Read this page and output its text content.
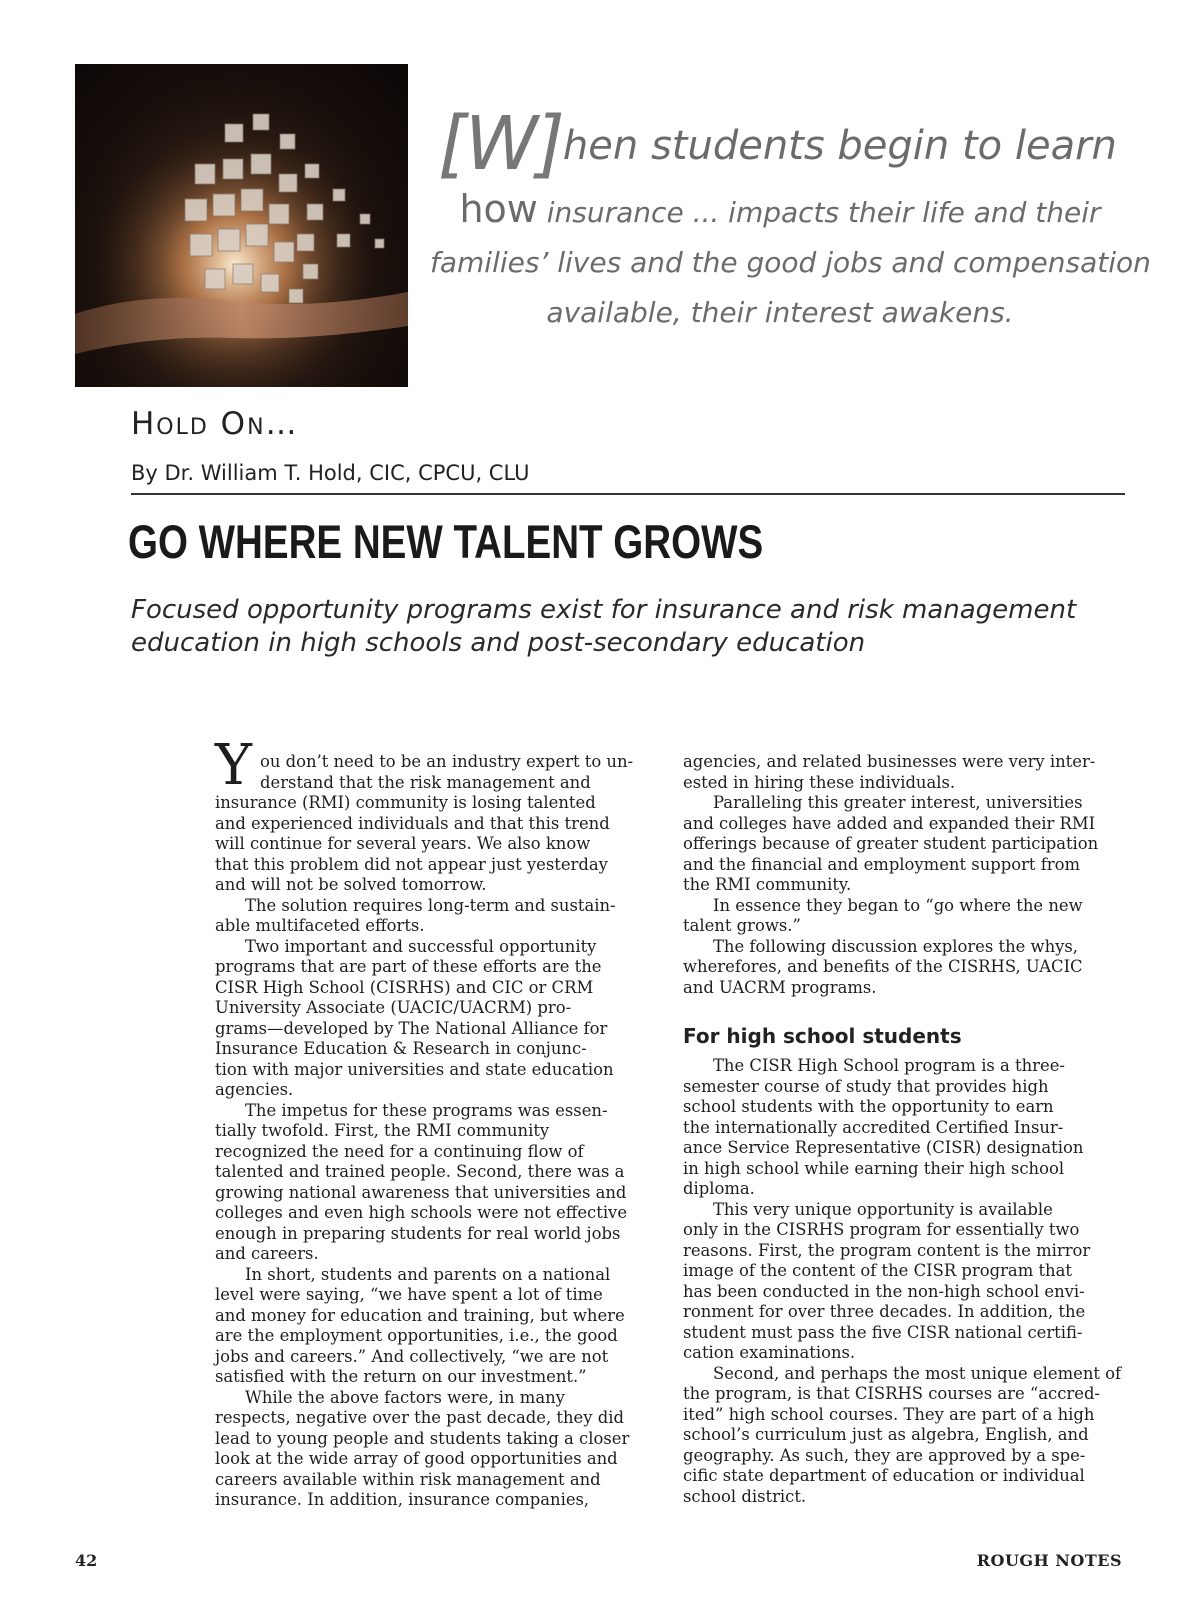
[W]hen students begin to learn
how insurance ... impacts their life and their
families’ lives and the good jobs and compensation
available, their interest awakens.
Hold On…
By Dr. William T. Hold, CIC, CPCU, CLU
GO WHERE NEW TALENT GROWS
Focused opportunity programs exist for insurance and risk management
education in high schools and post-secondary education
Y ou don’t need to be an industry expert to un-
derstand that the risk management and
insurance (RMI) community is losing talented
and experienced individuals and that this trend
will continue for several years. We also know
that this problem did not appear just yesterday
and will not be solved tomorrow.
The solution requires long-term and sustain-
able multifaceted efforts.
Two important and successful opportunity
programs that are part of these efforts are the
CISR High School (CISRHS) and CIC or CRM
University Associate (UACIC/UACRM) pro-
grams—developed by The National Alliance for
Insurance Education & Research in conjunc-
tion with major universities and state education
agencies.
The impetus for these programs was essen-
tially twofold. First, the RMI community
recognized the need for a continuing flow of
talented and trained people. Second, there was a
growing national awareness that universities and
colleges and even high schools were not effective
enough in preparing students for real world jobs
and careers.
In short, students and parents on a national
level were saying, “we have spent a lot of time
and money for education and training, but where
are the employment opportunities, i.e., the good
jobs and careers.” And collectively, “we are not
satisfied with the return on our investment.”
While the above factors were, in many
respects, negative over the past decade, they did
lead to young people and students taking a closer
look at the wide array of good opportunities and
careers available within risk management and
insurance. In addition, insurance companies,
agencies, and related businesses were very inter-
ested in hiring these individuals.
Paralleling this greater interest, universities
and colleges have added and expanded their RMI
offerings because of greater student participation
and the financial and employment support from
the RMI community.
In essence they began to “go where the new
talent grows.”
The following discussion explores the whys,
wherefores, and benefits of the CISRHS, UACIC
and UACRM programs.
For high school students
The CISR High School program is a three-
semester course of study that provides high
school students with the opportunity to earn
the internationally accredited Certified Insur-
ance Service Representative (CISR) designation
in high school while earning their high school
diploma.
This very unique opportunity is available
only in the CISRHS program for essentially two
reasons. First, the program content is the mirror
image of the content of the CISR program that
has been conducted in the non-high school envi-
ronment for over three decades. In addition, the
student must pass the five CISR national certifi-
cation examinations.
Second, and perhaps the most unique element of
the program, is that CISRHS courses are “accred-
ited” high school courses. They are part of a high
school’s curriculum just as algebra, English, and
geography. As such, they are approved by a spe-
cific state department of education or individual
school district.
42	ROUGH NOTES
